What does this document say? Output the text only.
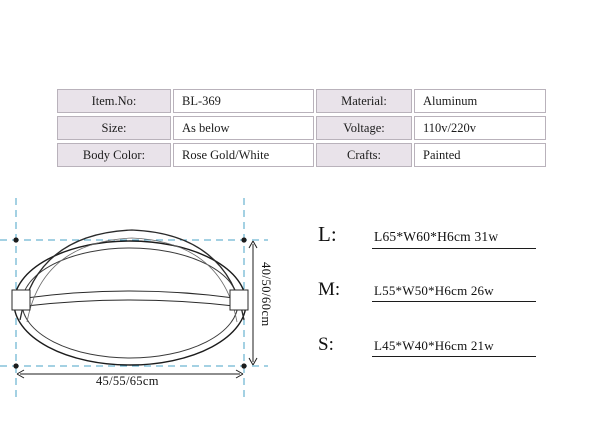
Item.No:	BL-369	Material:	Aluminum
Size:	As below	Voltage:	110v/220v
Body Color:	Rose Gold/White	Crafts:	Painted
40/50/60cm
45/55/65cm
L:	L65*W60*H6cm 31w
M:	L55*W50*H6cm 26w
S:	L45*W40*H6cm 21w
